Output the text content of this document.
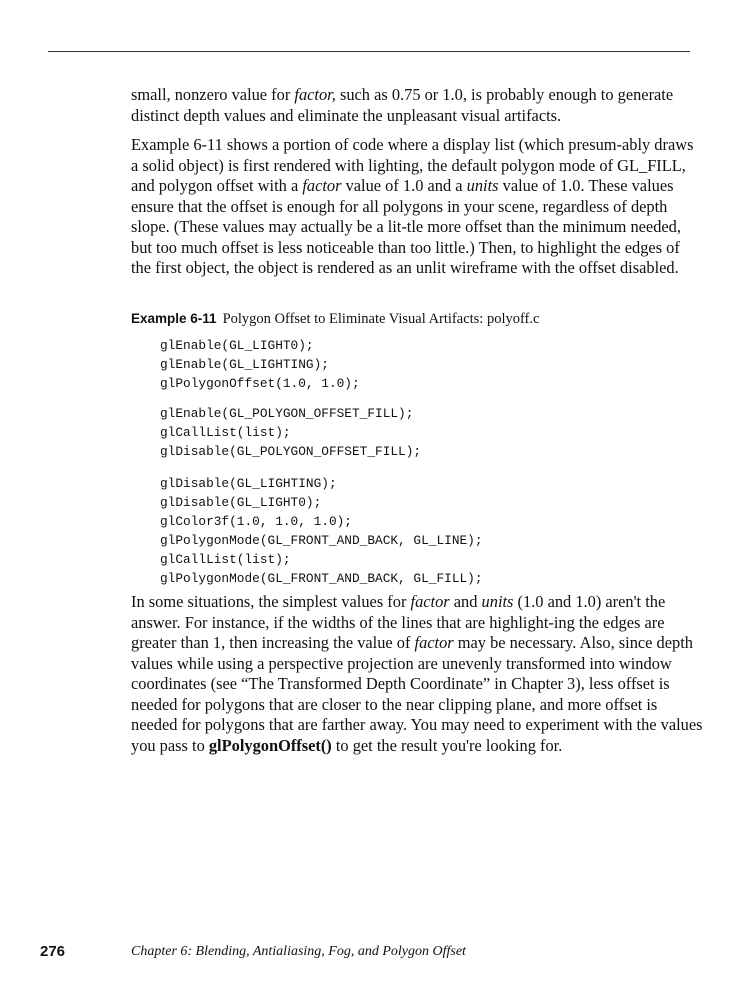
small, nonzero value for factor, such as 0.75 or 1.0, is probably enough to generate distinct depth values and eliminate the unpleasant visual artifacts.

Example 6-11 shows a portion of code where a display list (which presum-ably draws a solid object) is first rendered with lighting, the default polygon mode of GL_FILL, and polygon offset with a factor value of 1.0 and a units value of 1.0. These values ensure that the offset is enough for all polygons in your scene, regardless of depth slope. (These values may actually be a lit-tle more offset than the minimum needed, but too much offset is less noticeable than too little.) Then, to highlight the edges of the first object, the object is rendered as an unlit wireframe with the offset disabled.

Example 6-11 Polygon Offset to Eliminate Visual Artifacts: polyoff.c
glEnable(GL_LIGHT0);
glEnable(GL_LIGHTING);
glPolygonOffset(1.0, 1.0);
glEnable(GL_POLYGON_OFFSET_FILL);
glCallList(list);
glDisable(GL_POLYGON_OFFSET_FILL);
glDisable(GL_LIGHTING);
glDisable(GL_LIGHT0);
glColor3f(1.0, 1.0, 1.0);
glPolygonMode(GL_FRONT_AND_BACK, GL_LINE);
glCallList(list);
glPolygonMode(GL_FRONT_AND_BACK, GL_FILL);

In some situations, the simplest values for factor and units (1.0 and 1.0) aren't the answer. For instance, if the widths of the lines that are highlight-ing the edges are greater than 1, then increasing the value of factor may be necessary. Also, since depth values while using a perspective projection are unevenly transformed into window coordinates (see “The Transformed Depth Coordinate” in Chapter 3), less offset is needed for polygons that are closer to the near clipping plane, and more offset is needed for polygons that are farther away. You may need to experiment with the values you pass to glPolygonOffset() to get the result you're looking for.

276	Chapter 6: Blending, Antialiasing, Fog, and Polygon Offset
